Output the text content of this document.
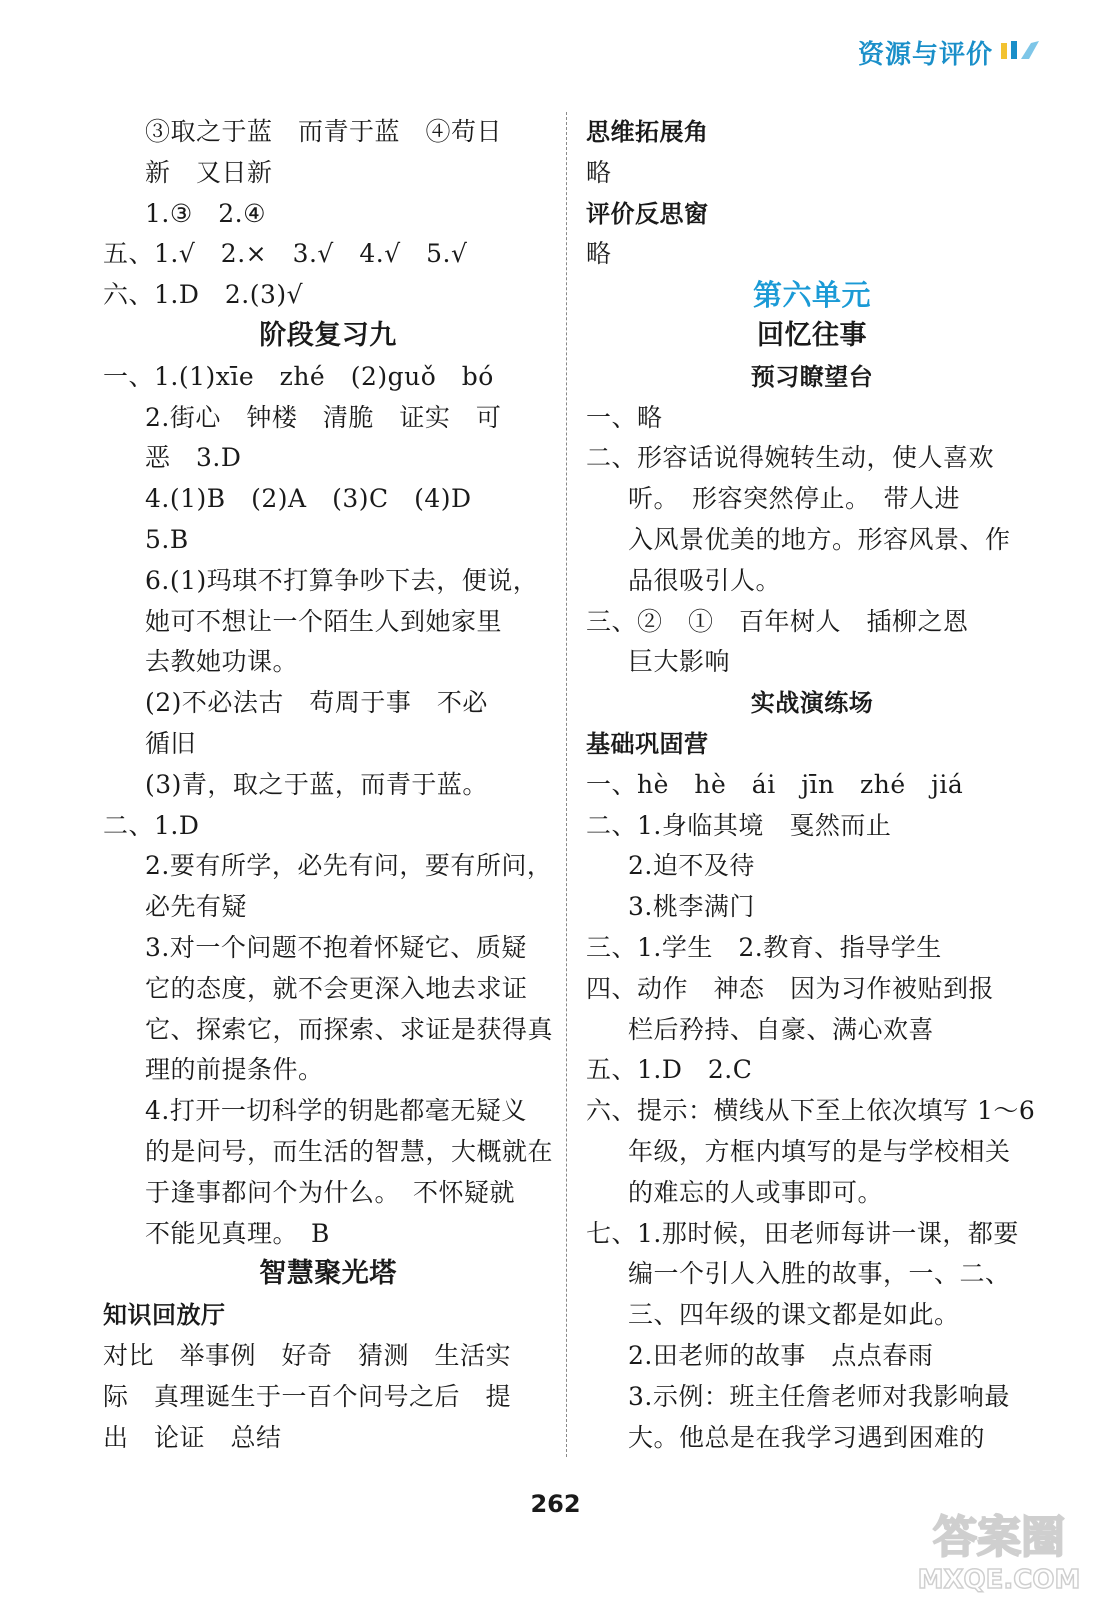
资源与评价
③取之于蓝　而青于蓝　④苟日
新　又日新
1.③　2.④
五、1.√　2.×　3.√　4.√　5.√
六、1.D　2.(3)√
阶段复习九
一、1.(1)xīe　zhé　(2)guǒ　bó
2.街心　钟楼　清脆　证实　可
恶　3.D
4.(1)B　(2)A　(3)C　(4)D
5.B
6.(1)玛琪不打算争吵下去，便说，
她可不想让一个陌生人到她家里
去教她功课。
(2)不必法古　苟周于事　不必
循旧
(3)青，取之于蓝，而青于蓝。
二、1.D
2.要有所学，必先有问，要有所问，
必先有疑
3.对一个问题不抱着怀疑它、质疑
它的态度，就不会更深入地去求证
它、探索它，而探索、求证是获得真
理的前提条件。
4.打开一切科学的钥匙都毫无疑义
的是问号，而生活的智慧，大概就在
于逢事都问个为什么。　不怀疑就
不能见真理。　B
智慧聚光塔
知识回放厅
对比　举事例　好奇　猜测　生活实
际　真理诞生于一百个问号之后　提
出　论证　总结
思维拓展角
略
评价反思窗
略
第六单元
回忆往事
预习瞭望台
一、略
二、形容话说得婉转生动，使人喜欢
听。　形容突然停止。　带人进
入风景优美的地方。形容风景、作
品很吸引人。
三、②　①　百年树人　插柳之恩
巨大影响
实战演练场
基础巩固营
一、hè　hè　ái　jīn　zhé　jiá
二、1.身临其境　戛然而止
2.迫不及待
3.桃李满门
三、1.学生　2.教育、指导学生
四、动作　神态　因为习作被贴到报
栏后矜持、自豪、满心欢喜
五、1.D　2.C
六、提示：横线从下至上依次填写 1～6
年级，方框内填写的是与学校相关
的难忘的人或事即可。
七、1.那时候，田老师每讲一课，都要
编一个引人入胜的故事，一、二、
三、四年级的课文都是如此。
2.田老师的故事　点点春雨
3.示例：班主任詹老师对我影响最
大。他总是在我学习遇到困难的
262
答案圈
MXQE.COM
